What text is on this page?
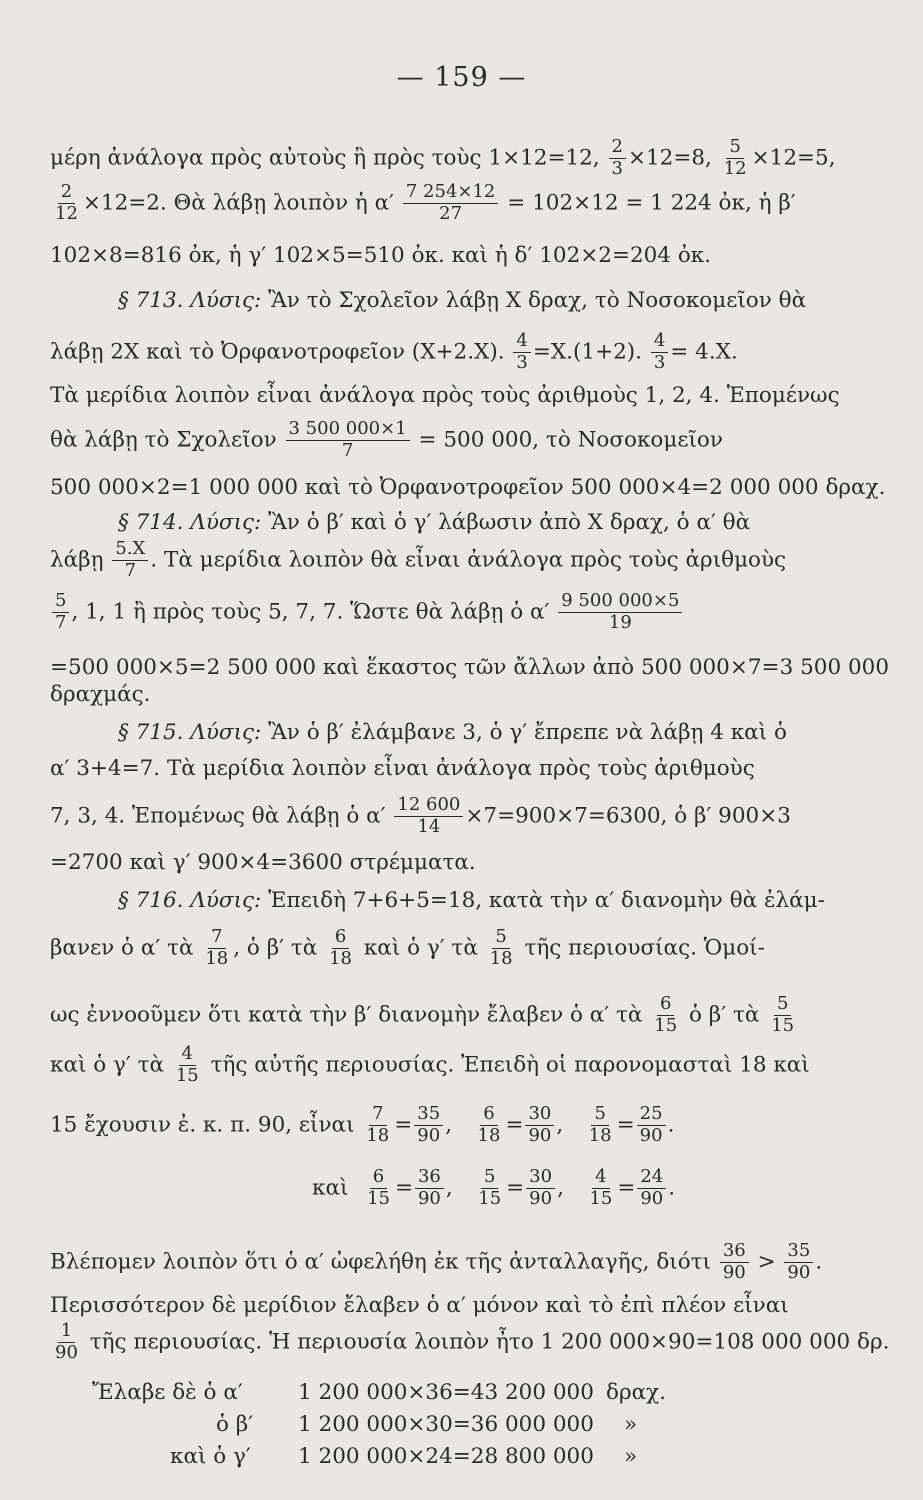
— 159 —
μέρη ἀνάλογα πρὸς αὐτοὺς ἢ πρὸς τοὺς 1×12=12, $\frac{2}{3} \times 12=8$, $\frac{5}{12} \times 12=5$,
$\frac{2}{12} \times 12=2$. Θὰ λάβῃ λοιπὸν ἡ $\alpha' \frac{7 254\times 12}{27} = 102\times 12 = 1$ 224 ὀκ, ἡ β′
102×8=816 ὀκ, ἡ γ′ 102×5=510 ὀκ. καὶ ἡ δ′ 102×2=204 ὀκ.
§ 713. Λύσις: Ἂν τὸ Σχολεῖον λάβῃ Χ δραχ, τὸ Νοσοκομεῖον θὰ
λάβῃ 2Χ καὶ τὸ Ὀρφανοτροφεῖον (Χ+2.Χ). $\frac{4}{3} =X.(1+2)$. $\frac{4}{3} = 4.X$.
Τὰ μερίδια λοιπὸν εἶναι ἀνάλογα πρὸς τοὺς ἀριθμοὺς 1, 2, 4. Ἑπομένως
θὰ λάβῃ τὸ Σχολεῖον $\frac{3 500 000\times 1}{7} = 500$ 000, τὸ Νοσοκομεῖον
500 000×2=1 000 000 καὶ τὸ Ὀρφανοτροφεῖον 500 000×4=2 000 000 δραχ.
§ 714. Λύσις: Ἂν ὁ β′ καὶ ὁ γ′ λάβωσιν ἀπὸ Χ δραχ, ὁ α′ θὰ
λάβῃ $\frac{5.X}{7}$ . Τὰ μερίδια λοιπὸν θὰ εἶναι ἀνάλογα πρὸς τοὺς ἀριθμοὺς
$\frac{5}{7}$ , 1, 1 ἢ πρὸς τοὺς 5, 7, 7. Ὥστε θὰ λάβῃ ὁ $\alpha' \frac{9 500 000\times 5}{19}$
=500 000×5=2 500 000 καὶ ἕκαστος τῶν ἄλλων ἀπὸ 500 000×7=3 500 000
δραχμάς.
§ 715. Λύσις: Ἂν ὁ β′ ἐλάμβανε 3, ὁ γ′ ἔπρεπε νὰ λάβῃ 4 καὶ ὁ
α′ 3+4=7. Τὰ μερίδια λοιπὸν εἶναι ἀνάλογα πρὸς τοὺς ἀριθμοὺς
7, 3, 4. Ἑπομένως θὰ λάβῃ ὁ $\alpha' \frac{12 600}{14} \times 7=900\times 7=6300$, ὁ β′ 900×3
=2700 καὶ γ′ 900×4=3600 στρέμματα.
§ 716. Λύσις: Ἐπειδὴ 7+6+5=18, κατὰ τὴν α′ διανομὴν θὰ ἐλάμ-
βανεν ὁ α′ τὰ $\frac{7}{18}$ , ὁ β′ τὰ $\frac{6}{18}$ καὶ ὁ γ′ τὰ $\frac{5}{18}$ τῆς περιουσίας. Ὁμοί-
ως ἐννοοῦμεν ὅτι κατὰ τὴν β′ διανομὴν ἔλαβεν ὁ α′ τὰ $\frac{6}{15}$ ὁ β′ τὰ $\frac{5}{15}$
καὶ ὁ γ′ τὰ $\frac{4}{15}$ τῆς αὐτῆς περιουσίας. Ἐπειδὴ οἱ παρονομασταὶ 18 καὶ
15 ἔχουσιν ἐ. κ. π. 90, εἶναι $\frac{7}{18} = \frac{35}{90}$ , $\frac{6}{18} = \frac{30}{90}$ , $\frac{5}{18} = \frac{25}{90}$ .
καὶ $\frac{6}{15} = \frac{36}{90}$ , $\frac{5}{15} = \frac{30}{90}$ , $\frac{4}{15} = \frac{24}{90}$ .
Βλέπομεν λοιπὸν ὅτι ὁ α′ ὠφελήθη ἐκ τῆς ἀνταλλαγῆς, διότι $\frac{36}{90} > \frac{35}{90}$ .
Περισσότερον δὲ μερίδιον ἔλαβεν ὁ α′ μόνον καὶ τὸ ἐπὶ πλέον εἶναι
$\frac{1}{90}$ τῆς περιουσίας. Ἡ περιουσία λοιπὸν ἦτο 1 200 000×90=108 000 000 δρ.
Ἔλαβε δὲ ὁ α′	1 200 000×36=43 200 000 δραχ.
ὁ β′ 1 200 000×30=36 000 000 »
καὶ ὁ γ′ 1 200 000×24=28 800 000 »
